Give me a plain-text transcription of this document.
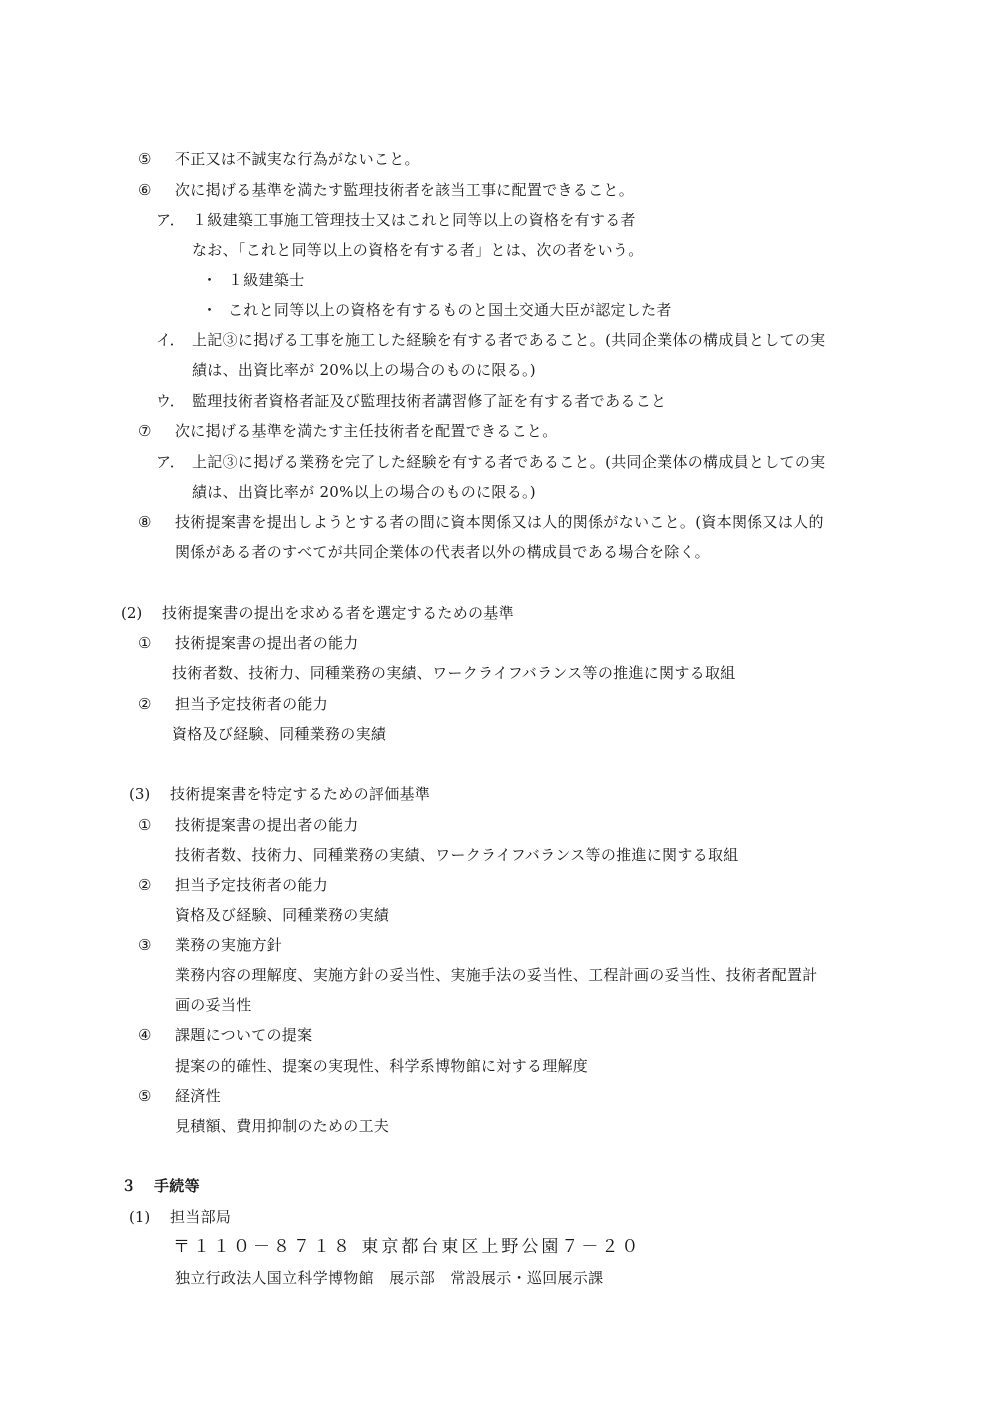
⑤ 不正又は不誠実な行為がないこと。
⑥ 次に掲げる基準を満たす監理技術者を該当工事に配置できること。
ア． １級建築工事施工管理技士又はこれと同等以上の資格を有する者
なお、「これと同等以上の資格を有する者」とは、次の者をいう。
・ １級建築士
・ これと同等以上の資格を有するものと国土交通大臣が認定した者
イ． 上記③に掲げる工事を施工した経験を有する者であること。(共同企業体の構成員としての実
績は、出資比率が 20%以上の場合のものに限る。)
ウ． 監理技術者資格者証及び監理技術者講習修了証を有する者であること
⑦ 次に掲げる基準を満たす主任技術者を配置できること。
ア． 上記③に掲げる業務を完了した経験を有する者であること。(共同企業体の構成員としての実
績は、出資比率が 20%以上の場合のものに限る。)
⑧ 技術提案書を提出しようとする者の間に資本関係又は人的関係がないこと。(資本関係又は人的
関係がある者のすべてが共同企業体の代表者以外の構成員である場合を除く。
(2) 技術提案書の提出を求める者を選定するための基準
① 技術提案書の提出者の能力
技術者数、技術力、同種業務の実績、ワークライフバランス等の推進に関する取組
② 担当予定技術者の能力
資格及び経験、同種業務の実績
(3) 技術提案書を特定するための評価基準
① 技術提案書の提出者の能力
技術者数、技術力、同種業務の実績、ワークライフバランス等の推進に関する取組
② 担当予定技術者の能力
資格及び経験、同種業務の実績
③ 業務の実施方針
業務内容の理解度、実施方針の妥当性、実施手法の妥当性、工程計画の妥当性、技術者配置計
画の妥当性
④ 課題についての提案
提案の的確性、提案の実現性、科学系博物館に対する理解度
⑤ 経済性
見積額、費用抑制のための工夫
３ 手続等
(1) 担当部局
〒１１０－８７１８ 東京都台東区上野公園７－２０
独立行政法人国立科学博物館　展示部　常設展示・巡回展示課
